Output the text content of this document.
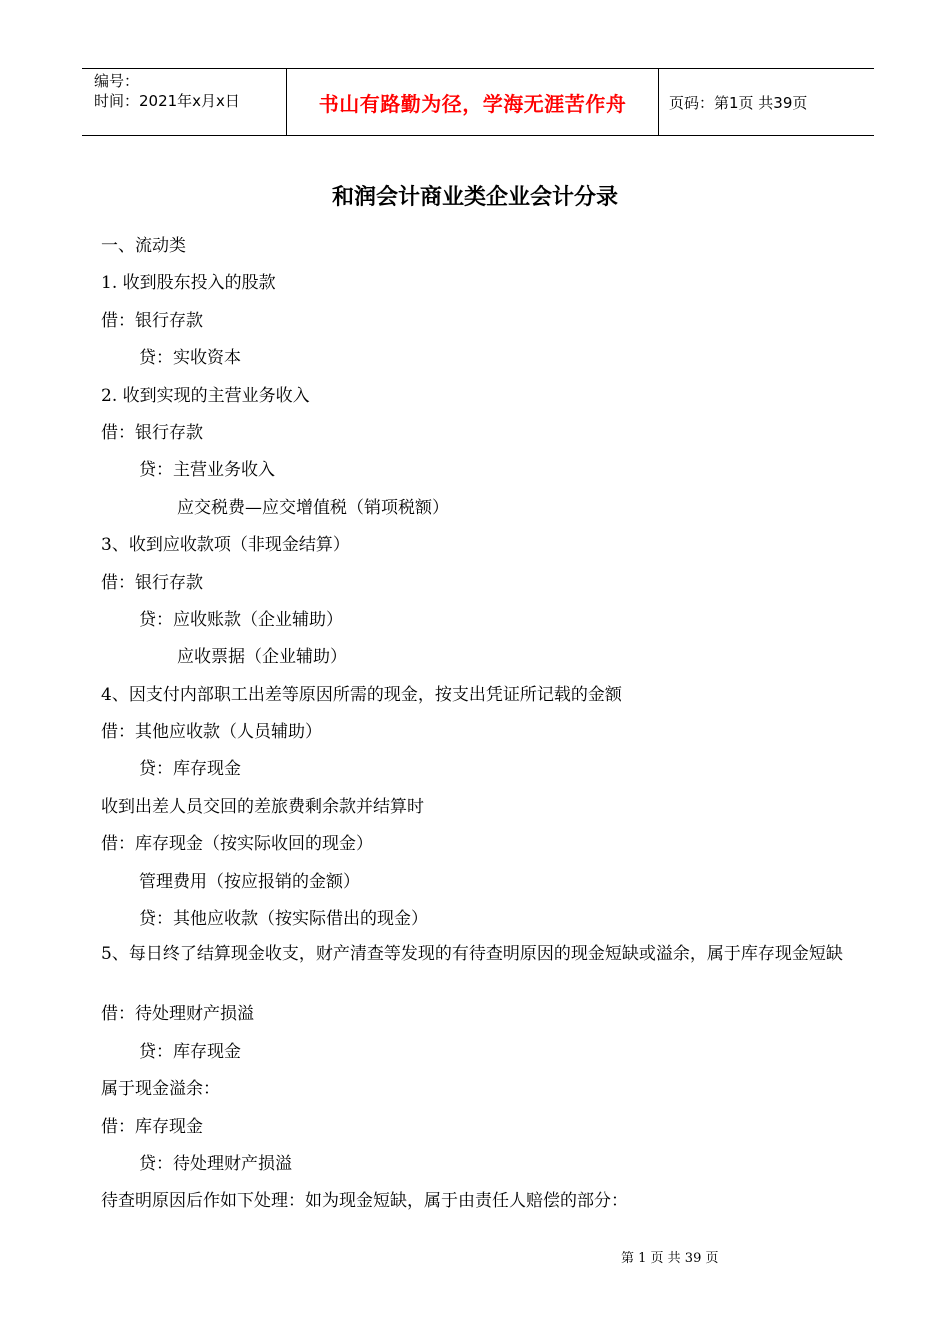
编号：
时间：2021年x月x日	书山有路勤为径，学海无涯苦作舟	页码：第1页 共39页
和润会计商业类企业会计分录
一、流动类
1. 收到股东投入的股款
借：银行存款
贷：实收资本
2. 收到实现的主营业务收入
借：银行存款
贷：主营业务收入
应交税费—应交增值税（销项税额）
3、收到应收款项（非现金结算）
借：银行存款
贷：应收账款（企业辅助）
应收票据（企业辅助）
4、因支付内部职工出差等原因所需的现金，按支出凭证所记载的金额
借：其他应收款（人员辅助）
贷：库存现金
收到出差人员交回的差旅费剩余款并结算时
借：库存现金（按实际收回的现金）
管理费用（按应报销的金额）
贷：其他应收款（按实际借出的现金）
5、每日终了结算现金收支，财产清查等发现的有待查明原因的现金短缺或溢余，属于库存现金短缺
借：待处理财产损溢
贷：库存现金
属于现金溢余：
借：库存现金
贷：待处理财产损溢
待查明原因后作如下处理：如为现金短缺，属于由责任人赔偿的部分：
第 1 页 共 39 页
